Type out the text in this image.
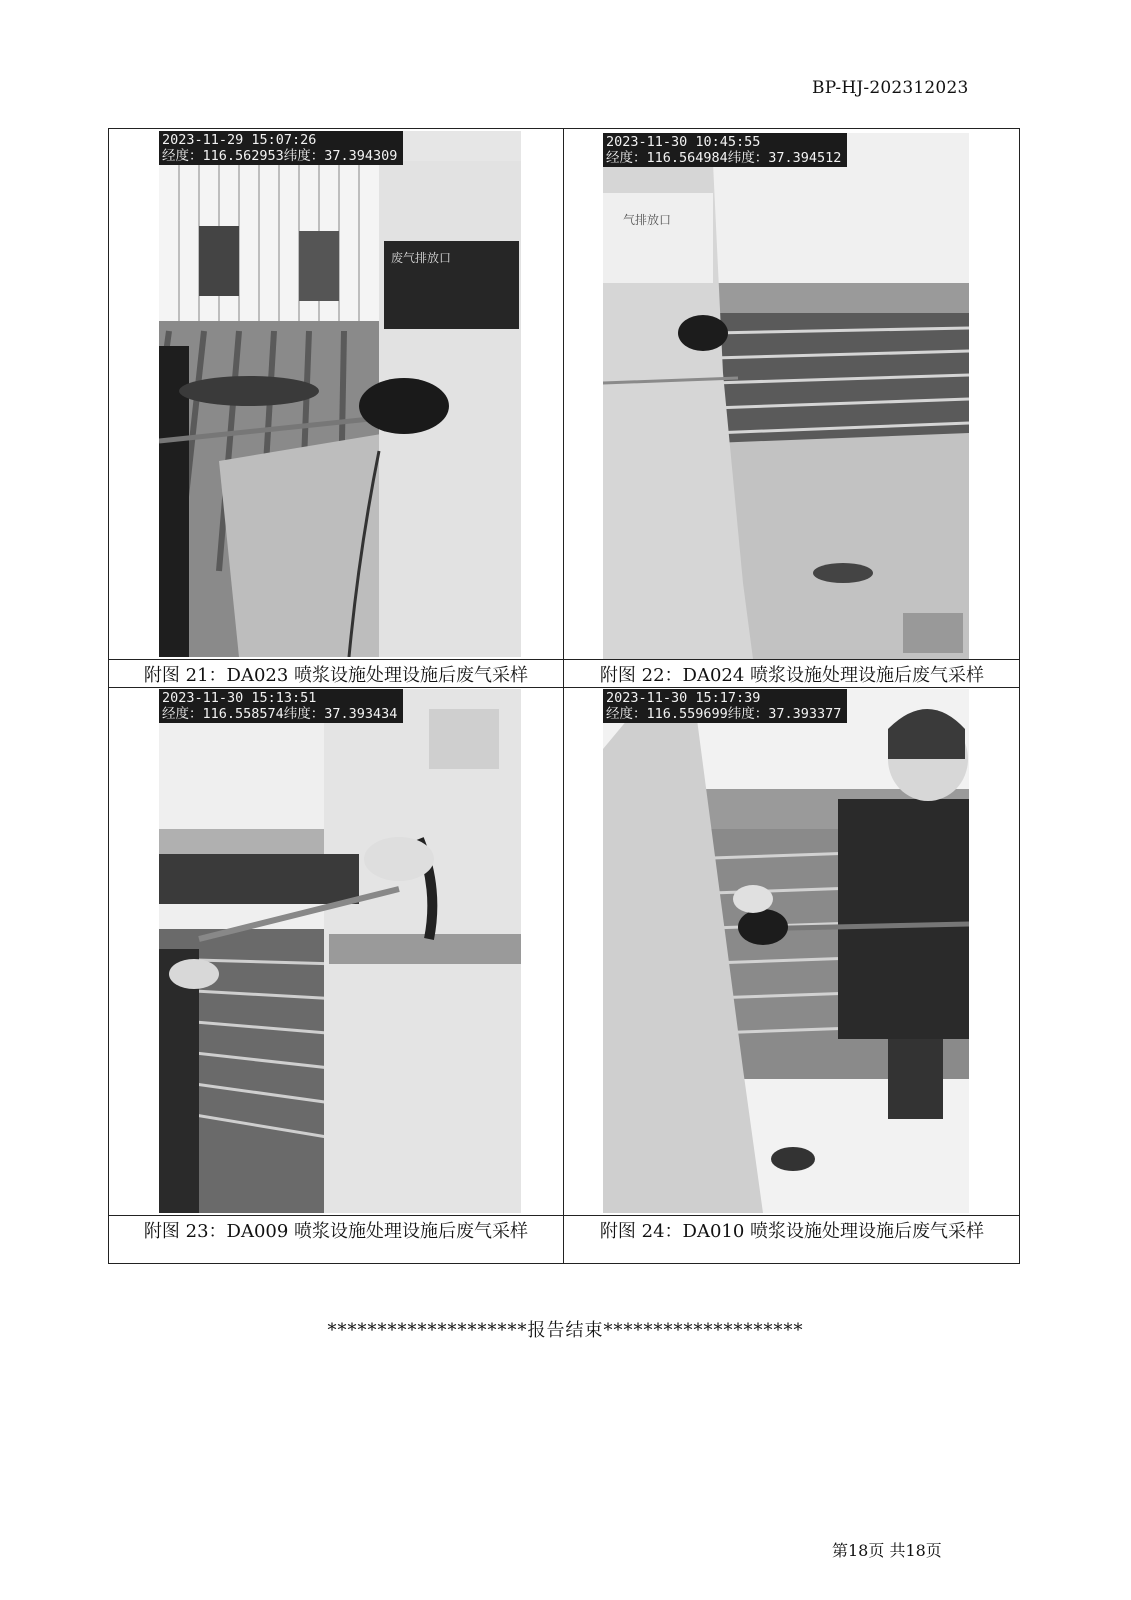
BP-HJ-202312023
2023-11-29 15:07:26
经度：116.562953纬度：37.394309
废气排放口
附图 21：DA023 喷浆设施处理设施后废气采样
2023-11-30 10:45:55
经度：116.564984纬度：37.394512
气排放口
附图 22：DA024 喷浆设施处理设施后废气采样
2023-11-30 15:13:51
经度：116.558574纬度：37.393434
附图 23：DA009 喷浆设施处理设施后废气采样
2023-11-30 15:17:39
经度：116.559699纬度：37.393377
附图 24：DA010 喷浆设施处理设施后废气采样
********************报告结束********************
第18页 共18页
